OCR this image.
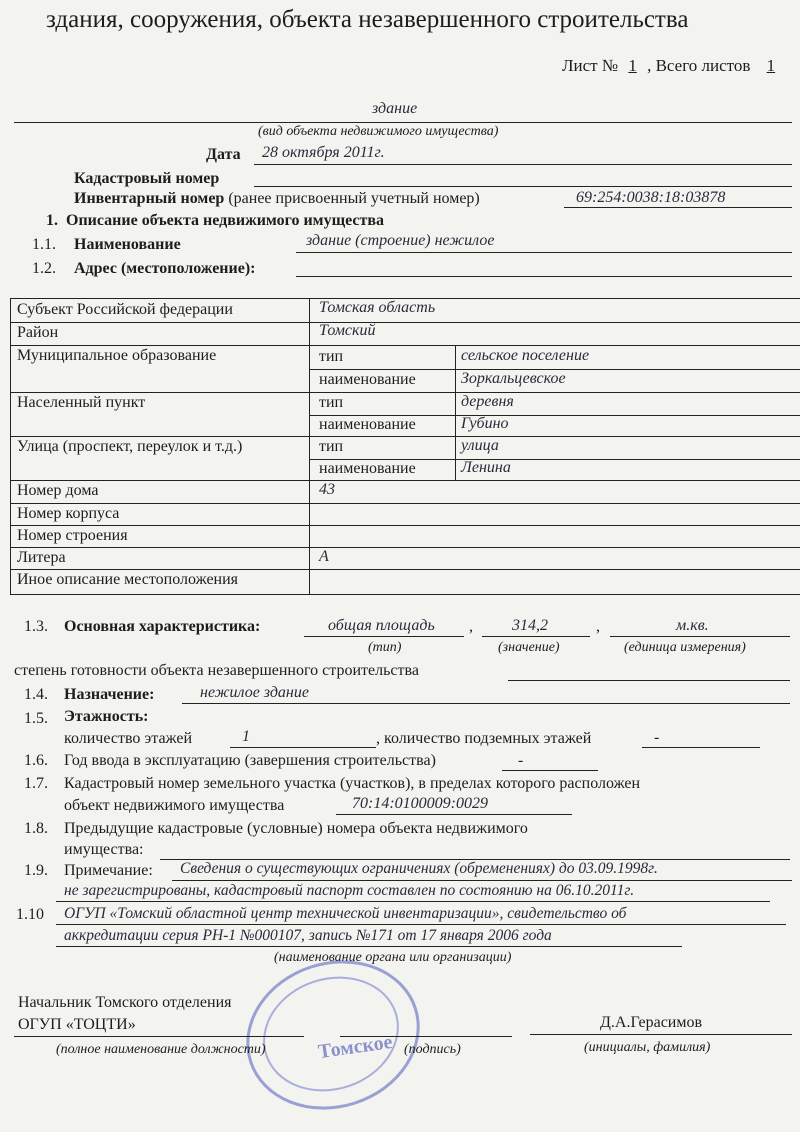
здания, сооружения, объекта незавершенного строительства
Лист № 1 , Всего листов 1
здание
(вид объекта недвижимого имущества)
Дата 28 октября 2011г.
Кадастровый номер
Инвентарный номер (ранее присвоенный учетный номер)	69:254:0038:18:03878
1. Описание объекта недвижимого имущества
1.1. Наименование	здание (строение) нежилое
1.2. Адрес (местоположение):
Субъект Российской федерации	Томская область
Район	Томский
Муниципальное образование	тип	сельское поселение
наименование	Зоркальцевское
Населенный пункт	тип	деревня
наименование	Губино
Улица (проспект, переулок и т.д.)	тип	улица
наименование	Ленина
Номер дома	43
Номер корпуса
Номер строения
Литера	А
Иное описание местоположения
1.3. Основная характеристика:	общая площадь , 314,2	,	м.кв.
(тип)	(значение)	(единица измерения)
степень готовности объекта незавершенного строительства
1.4. Назначение:	нежилое здание
1.5. Этажность:
количество этажей	1	, количество подземных этажей	-
1.6. Год ввода в эксплуатацию (завершения строительства)	-
1.7. Кадастровый номер земельного участка (участков), в пределах которого расположен
объект недвижимого имущества	70:14:0100009:0029
1.8. Предыдущие кадастровые (условные) номера объекта недвижимого
имущества:
1.9. Примечание: Сведения о существующих ограничениях (обременениях) до 03.09.1998г.
не зарегистрированы, кадастровый паспорт составлен по состоянию на 06.10.2011г.
1.10 ОГУП «Томский областной центр технической инвентаризации», свидетельство об
аккредитации серия РН-1 №000107, запись №171 от 17 января 2006 года
(наименование органа или организации)
Томское
Начальник Томского отделения
ОГУП «ТОЦТИ»	Д.А.Герасимов
(полное наименование должности)	(подпись)	(инициалы, фамилия)
